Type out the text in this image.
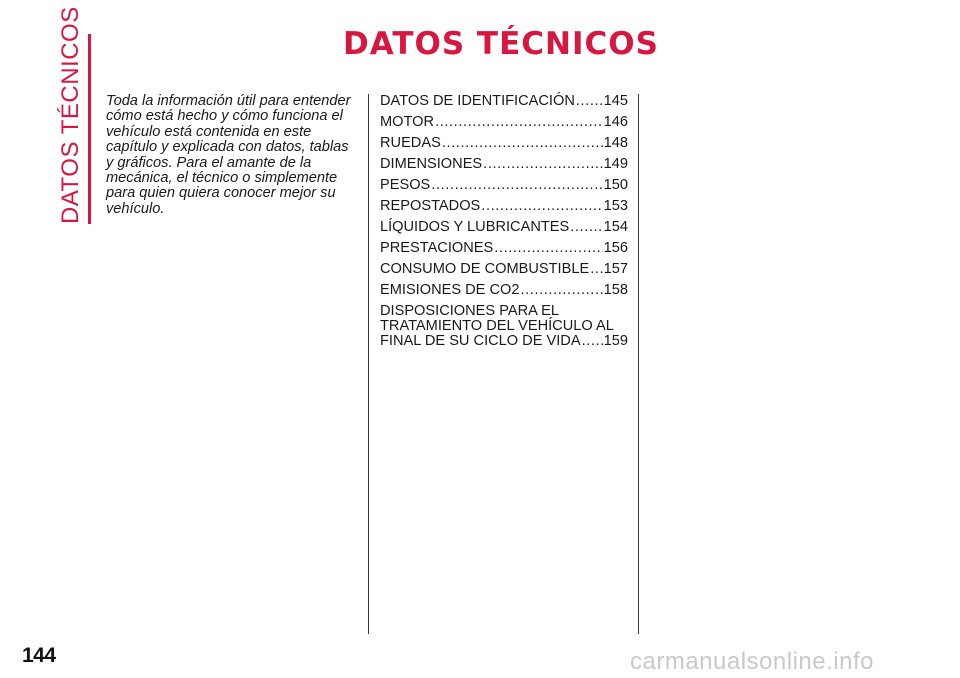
DATOS TÉCNICOS	DATOS TÉCNICOS

Toda la información útil para entender cómo está hecho y cómo funciona el vehículo está contenida en este capítulo y explicada con datos, tablas y gráficos. Para el amante de la mecánica, el técnico o simplemente para quien quiera conocer mejor su vehículo.

DATOS DE IDENTIFICACIÓN ..... 145
MOTOR .....	146
RUEDAS .....	148
DIMENSIONES .....	149
PESOS .....	150
REPOSTADOS .....	153
LÍQUIDOS Y LUBRICANTES ..... 154
PRESTACIONES .....	156
CONSUMO DE COMBUSTIBLE ..... 157
EMISIONES DE CO2 .....	158
DISPOSICIONES PARA EL
TRATAMIENTO DEL VEHÍCULO AL
FINAL DE SU CICLO DE VIDA ..... 159
144	carmanualsonline.info
